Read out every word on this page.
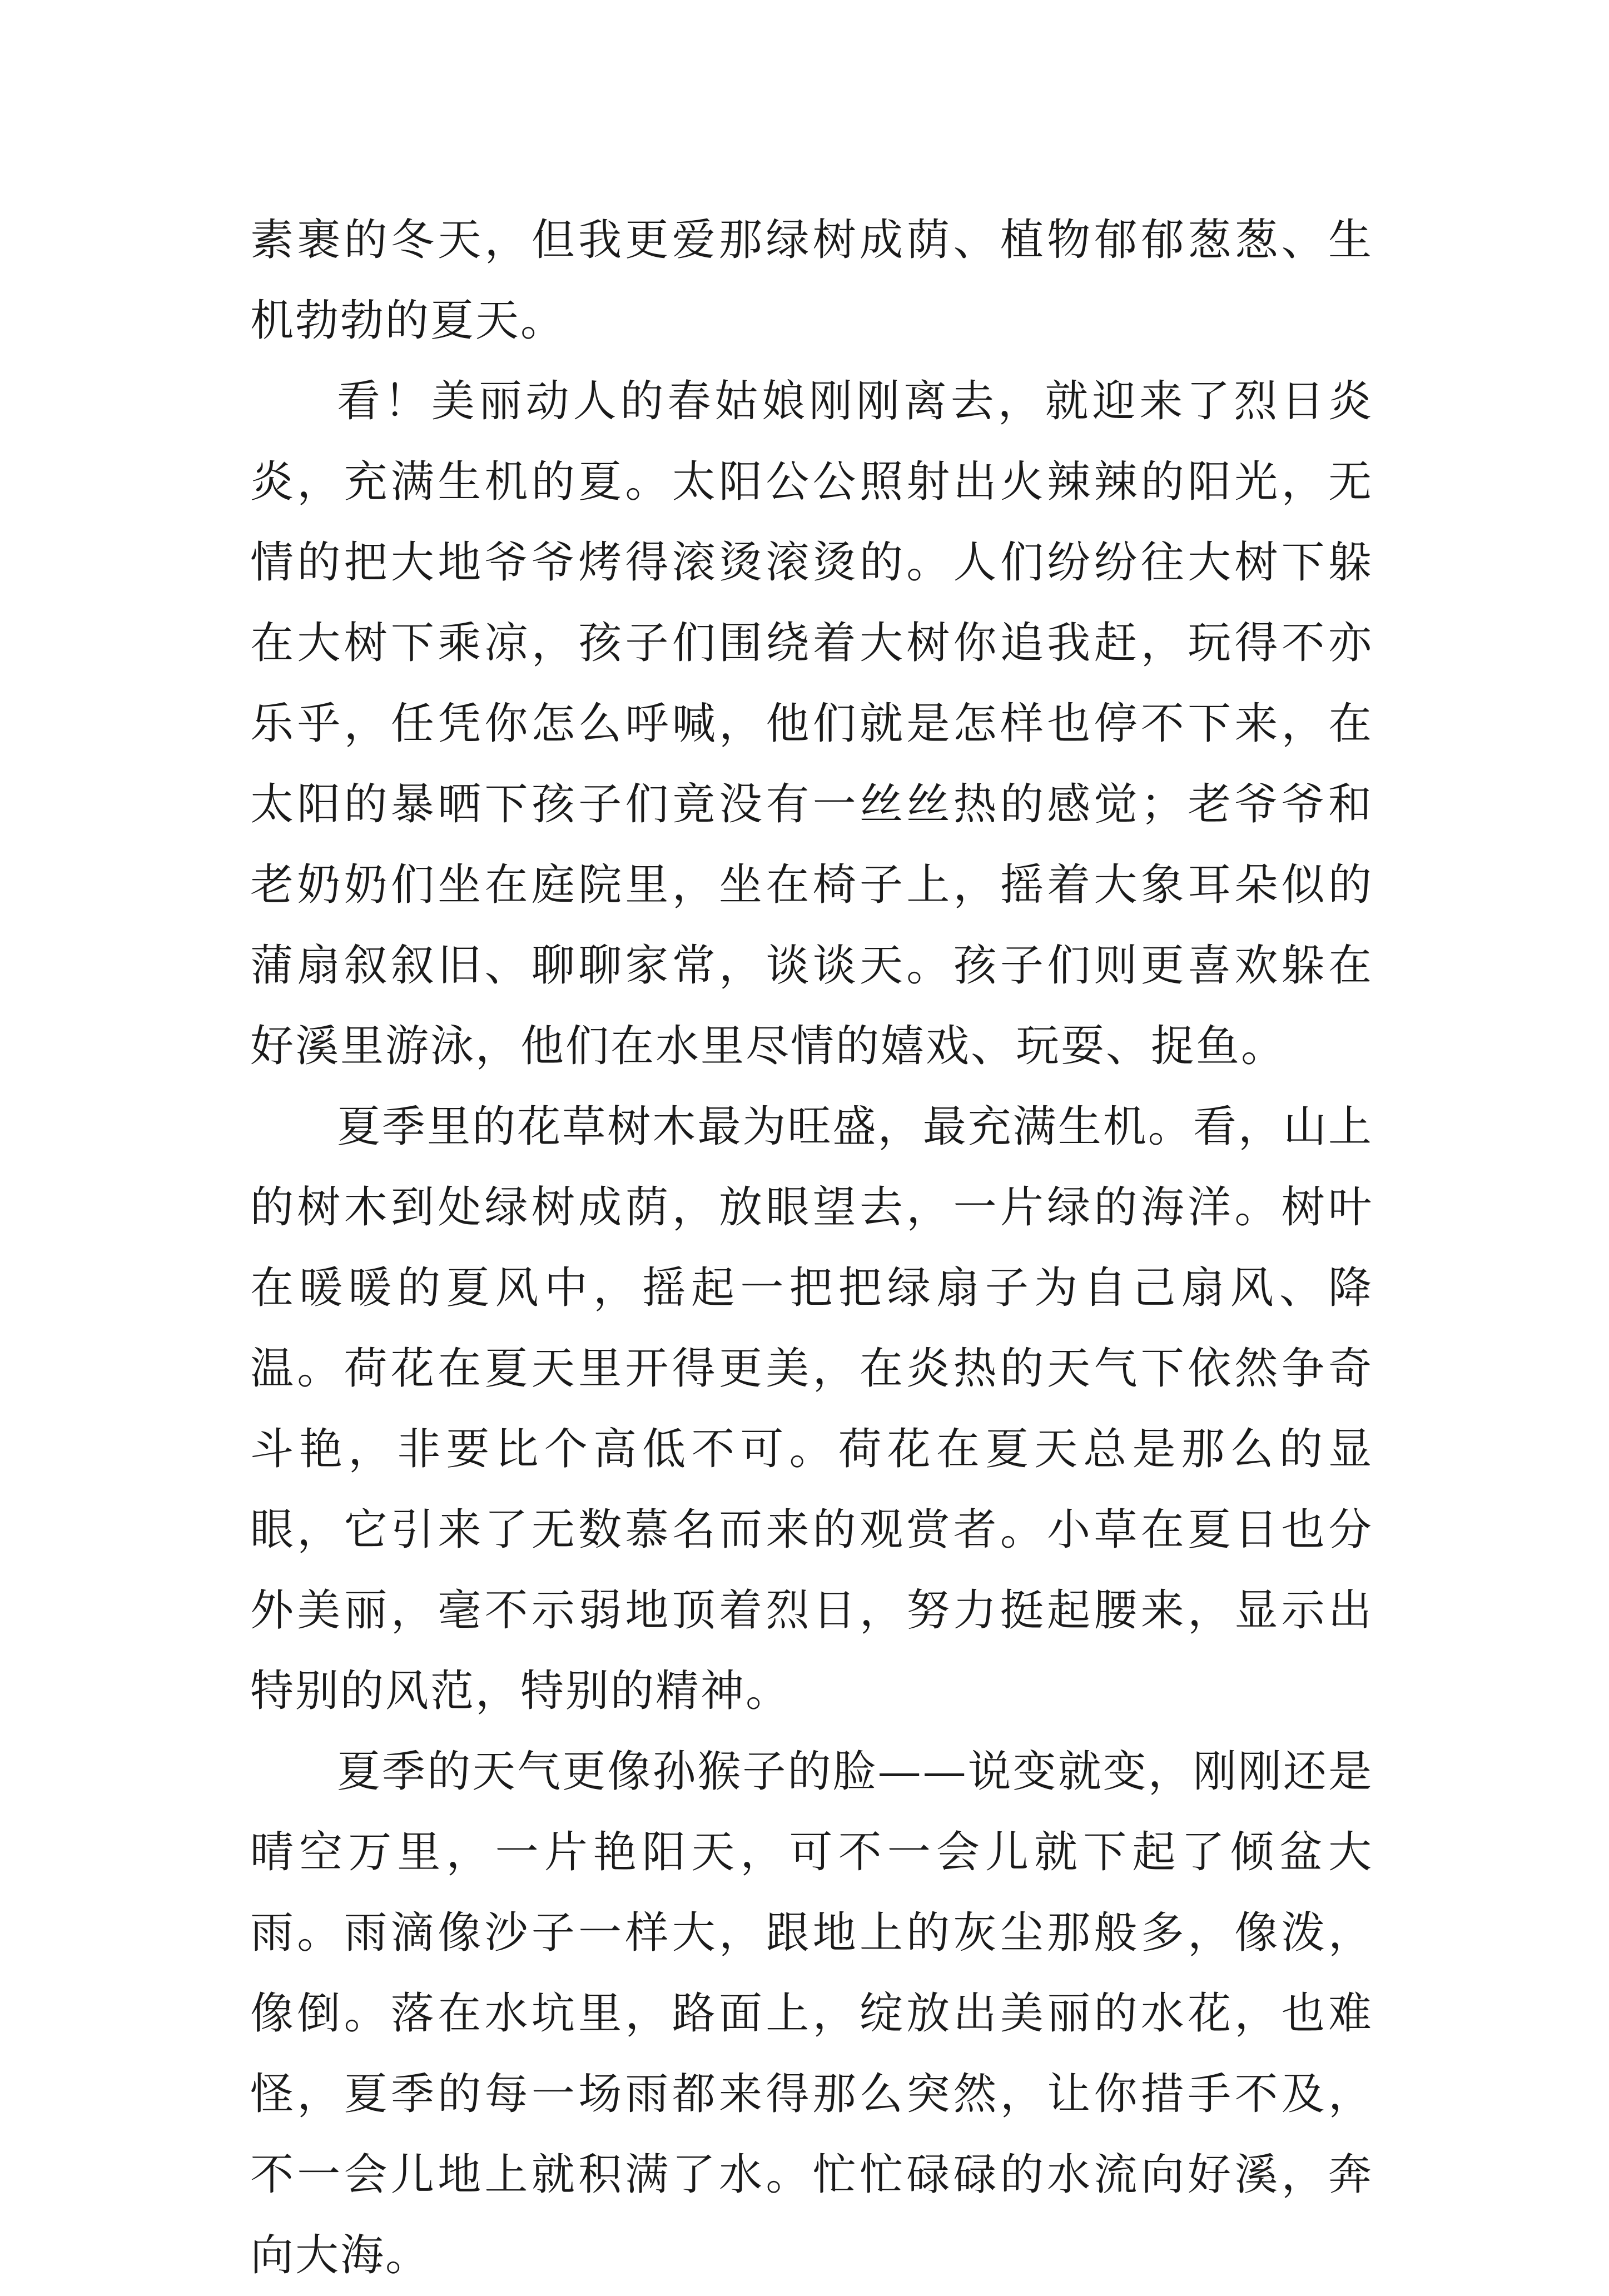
素裹的冬天，但我更爱那绿树成荫、植物郁郁葱葱、生机勃勃的夏天。

看！美丽动人的春姑娘刚刚离去，就迎来了烈日炎炎，充满生机的夏。太阳公公照射出火辣辣的阳光，无情的把大地爷爷烤得滚烫滚烫的。人们纷纷往大树下躲在大树下乘凉，孩子们围绕着大树你追我赶，玩得不亦乐乎，任凭你怎么呼喊，他们就是怎样也停不下来，在太阳的暴晒下孩子们竟没有一丝丝热的感觉；老爷爷和老奶奶们坐在庭院里，坐在椅子上，摇着大象耳朵似的蒲扇叙叙旧、聊聊家常，谈谈天。孩子们则更喜欢躲在好溪里游泳，他们在水里尽情的嬉戏、玩耍、捉鱼。

夏季里的花草树木最为旺盛，最充满生机。看，山上的树木到处绿树成荫，放眼望去，一片绿的海洋。树叶在暖暖的夏风中，摇起一把把绿扇子为自己扇风、降温。荷花在夏天里开得更美，在炎热的天气下依然争奇斗艳，非要比个高低不可。荷花在夏天总是那么的显眼，它引来了无数慕名而来的观赏者。小草在夏日也分外美丽，毫不示弱地顶着烈日，努力挺起腰来，显示出特别的风范，特别的精神。

夏季的天气更像孙猴子的脸——说变就变，刚刚还是晴空万里，一片艳阳天，可不一会儿就下起了倾盆大雨。雨滴像沙子一样大，跟地上的灰尘那般多，像泼，像倒。落在水坑里，路面上，绽放出美丽的水花，也难怪，夏季的每一场雨都来得那么突然，让你措手不及，不一会儿地上就积满了水。忙忙碌碌的水流向好溪，奔向大海。
